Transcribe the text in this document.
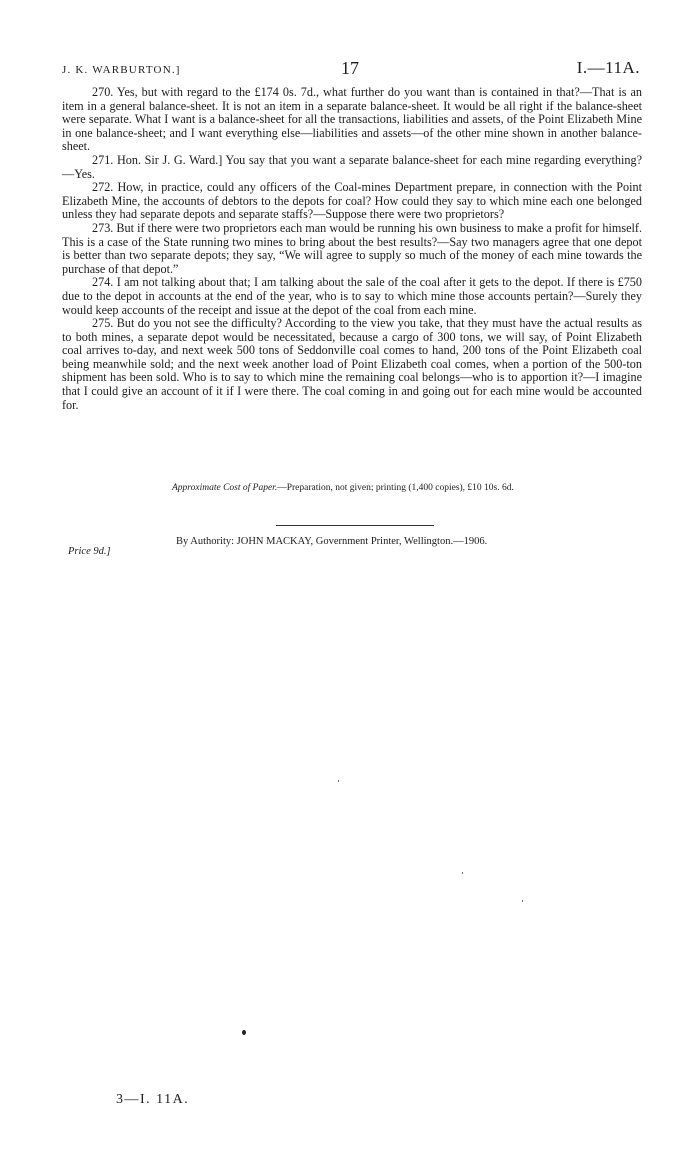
J. K. WARBURTON.]	17	I.—11A.

270. Yes, but with regard to the £174 0s. 7d., what further do you want than is contained in that?—That is an item in a general balance-sheet. It is not an item in a separate balance-sheet. It would be all right if the balance-sheet were separate. What I want is a balance-sheet for all the transactions, liabilities and assets, of the Point Elizabeth Mine in one balance-sheet; and I want everything else—liabilities and assets—of the other mine shown in another balance-sheet.

271. Hon. Sir J. G. Ward.] You say that you want a separate balance-sheet for each mine regarding everything?—Yes.

272. How, in practice, could any officers of the Coal-mines Department prepare, in connection with the Point Elizabeth Mine, the accounts of debtors to the depots for coal? How could they say to which mine each one belonged unless they had separate depots and separate staffs?—Suppose there were two proprietors?

273. But if there were two proprietors each man would be running his own business to make a profit for himself. This is a case of the State running two mines to bring about the best results?—Say two managers agree that one depot is better than two separate depots; they say, “We will agree to supply so much of the money of each mine towards the purchase of that depot.”

274. I am not talking about that; I am talking about the sale of the coal after it gets to the depot. If there is £750 due to the depot in accounts at the end of the year, who is to say to which mine those accounts pertain?—Surely they would keep accounts of the receipt and issue at the depot of the coal from each mine.

275. But do you not see the difficulty? According to the view you take, that they must have the actual results as to both mines, a separate depot would be necessitated, because a cargo of 300 tons, we will say, of Point Elizabeth coal arrives to-day, and next week 500 tons of Seddonville coal comes to hand, 200 tons of the Point Elizabeth coal being meanwhile sold; and the next week another load of Point Elizabeth coal comes, when a portion of the 500-ton shipment has been sold. Who is to say to which mine the remaining coal belongs—who is to apportion it?—I imagine that I could give an account of it if I were there. The coal coming in and going out for each mine would be accounted for.

Approximate Cost of Paper.—Preparation, not given; printing (1,400 copies), £10 10s. 6d.
By Authority: JOHN MACKAY, Government Printer, Wellington.—1906.
Price 9d.]
3—I. 11A.
